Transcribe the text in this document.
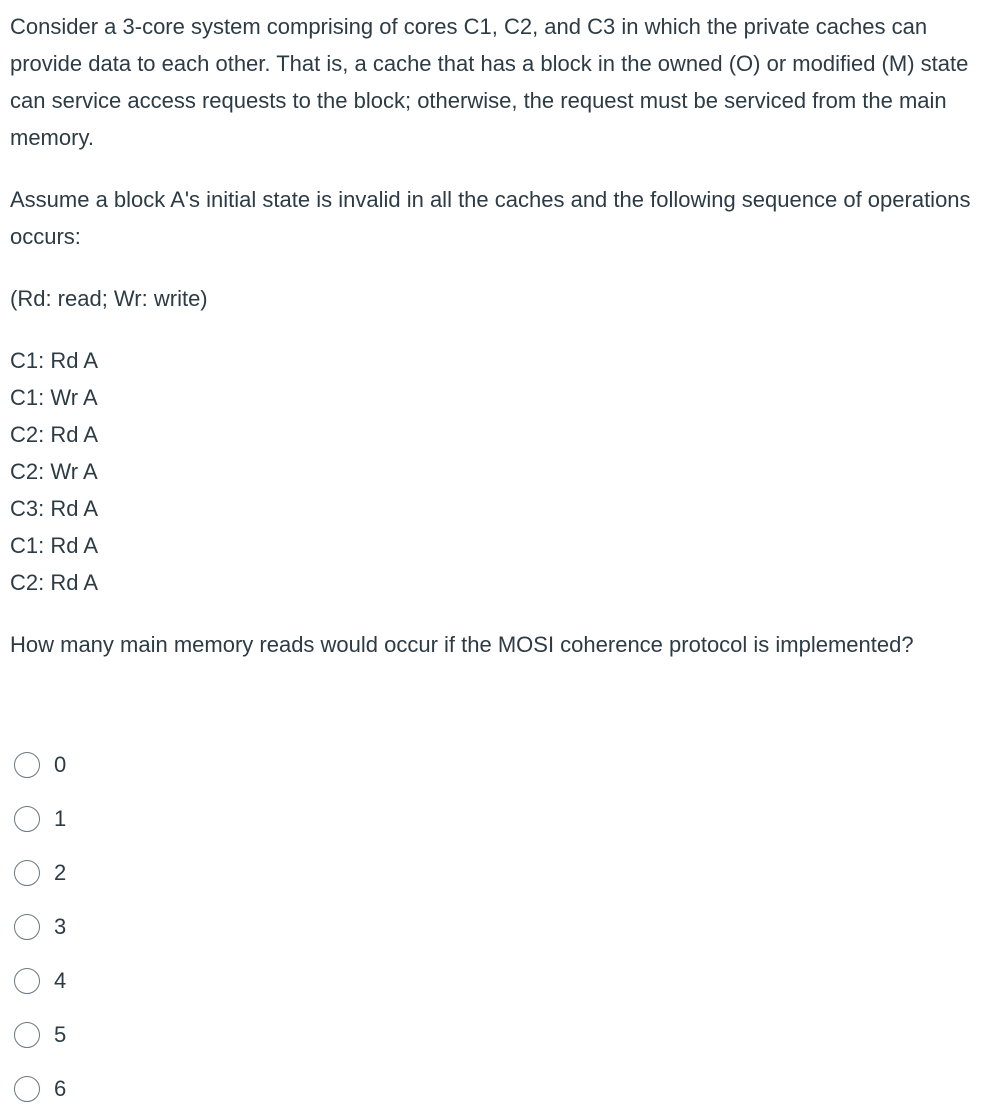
Consider a 3-core system comprising of cores C1, C2, and C3 in which the private caches can provide data to each other. That is, a cache that has a block in the owned (O) or modified (M) state can service access requests to the block; otherwise, the request must be serviced from the main memory.

Assume a block A's initial state is invalid in all the caches and the following sequence of operations occurs:

(Rd: read; Wr: write)

C1: Rd A
C1: Wr A
C2: Rd A
C2: Wr A
C3: Rd A
C1: Rd A
C2: Rd A

How many main memory reads would occur if the MOSI coherence protocol is implemented?

0
1
2
3
4
5
6
